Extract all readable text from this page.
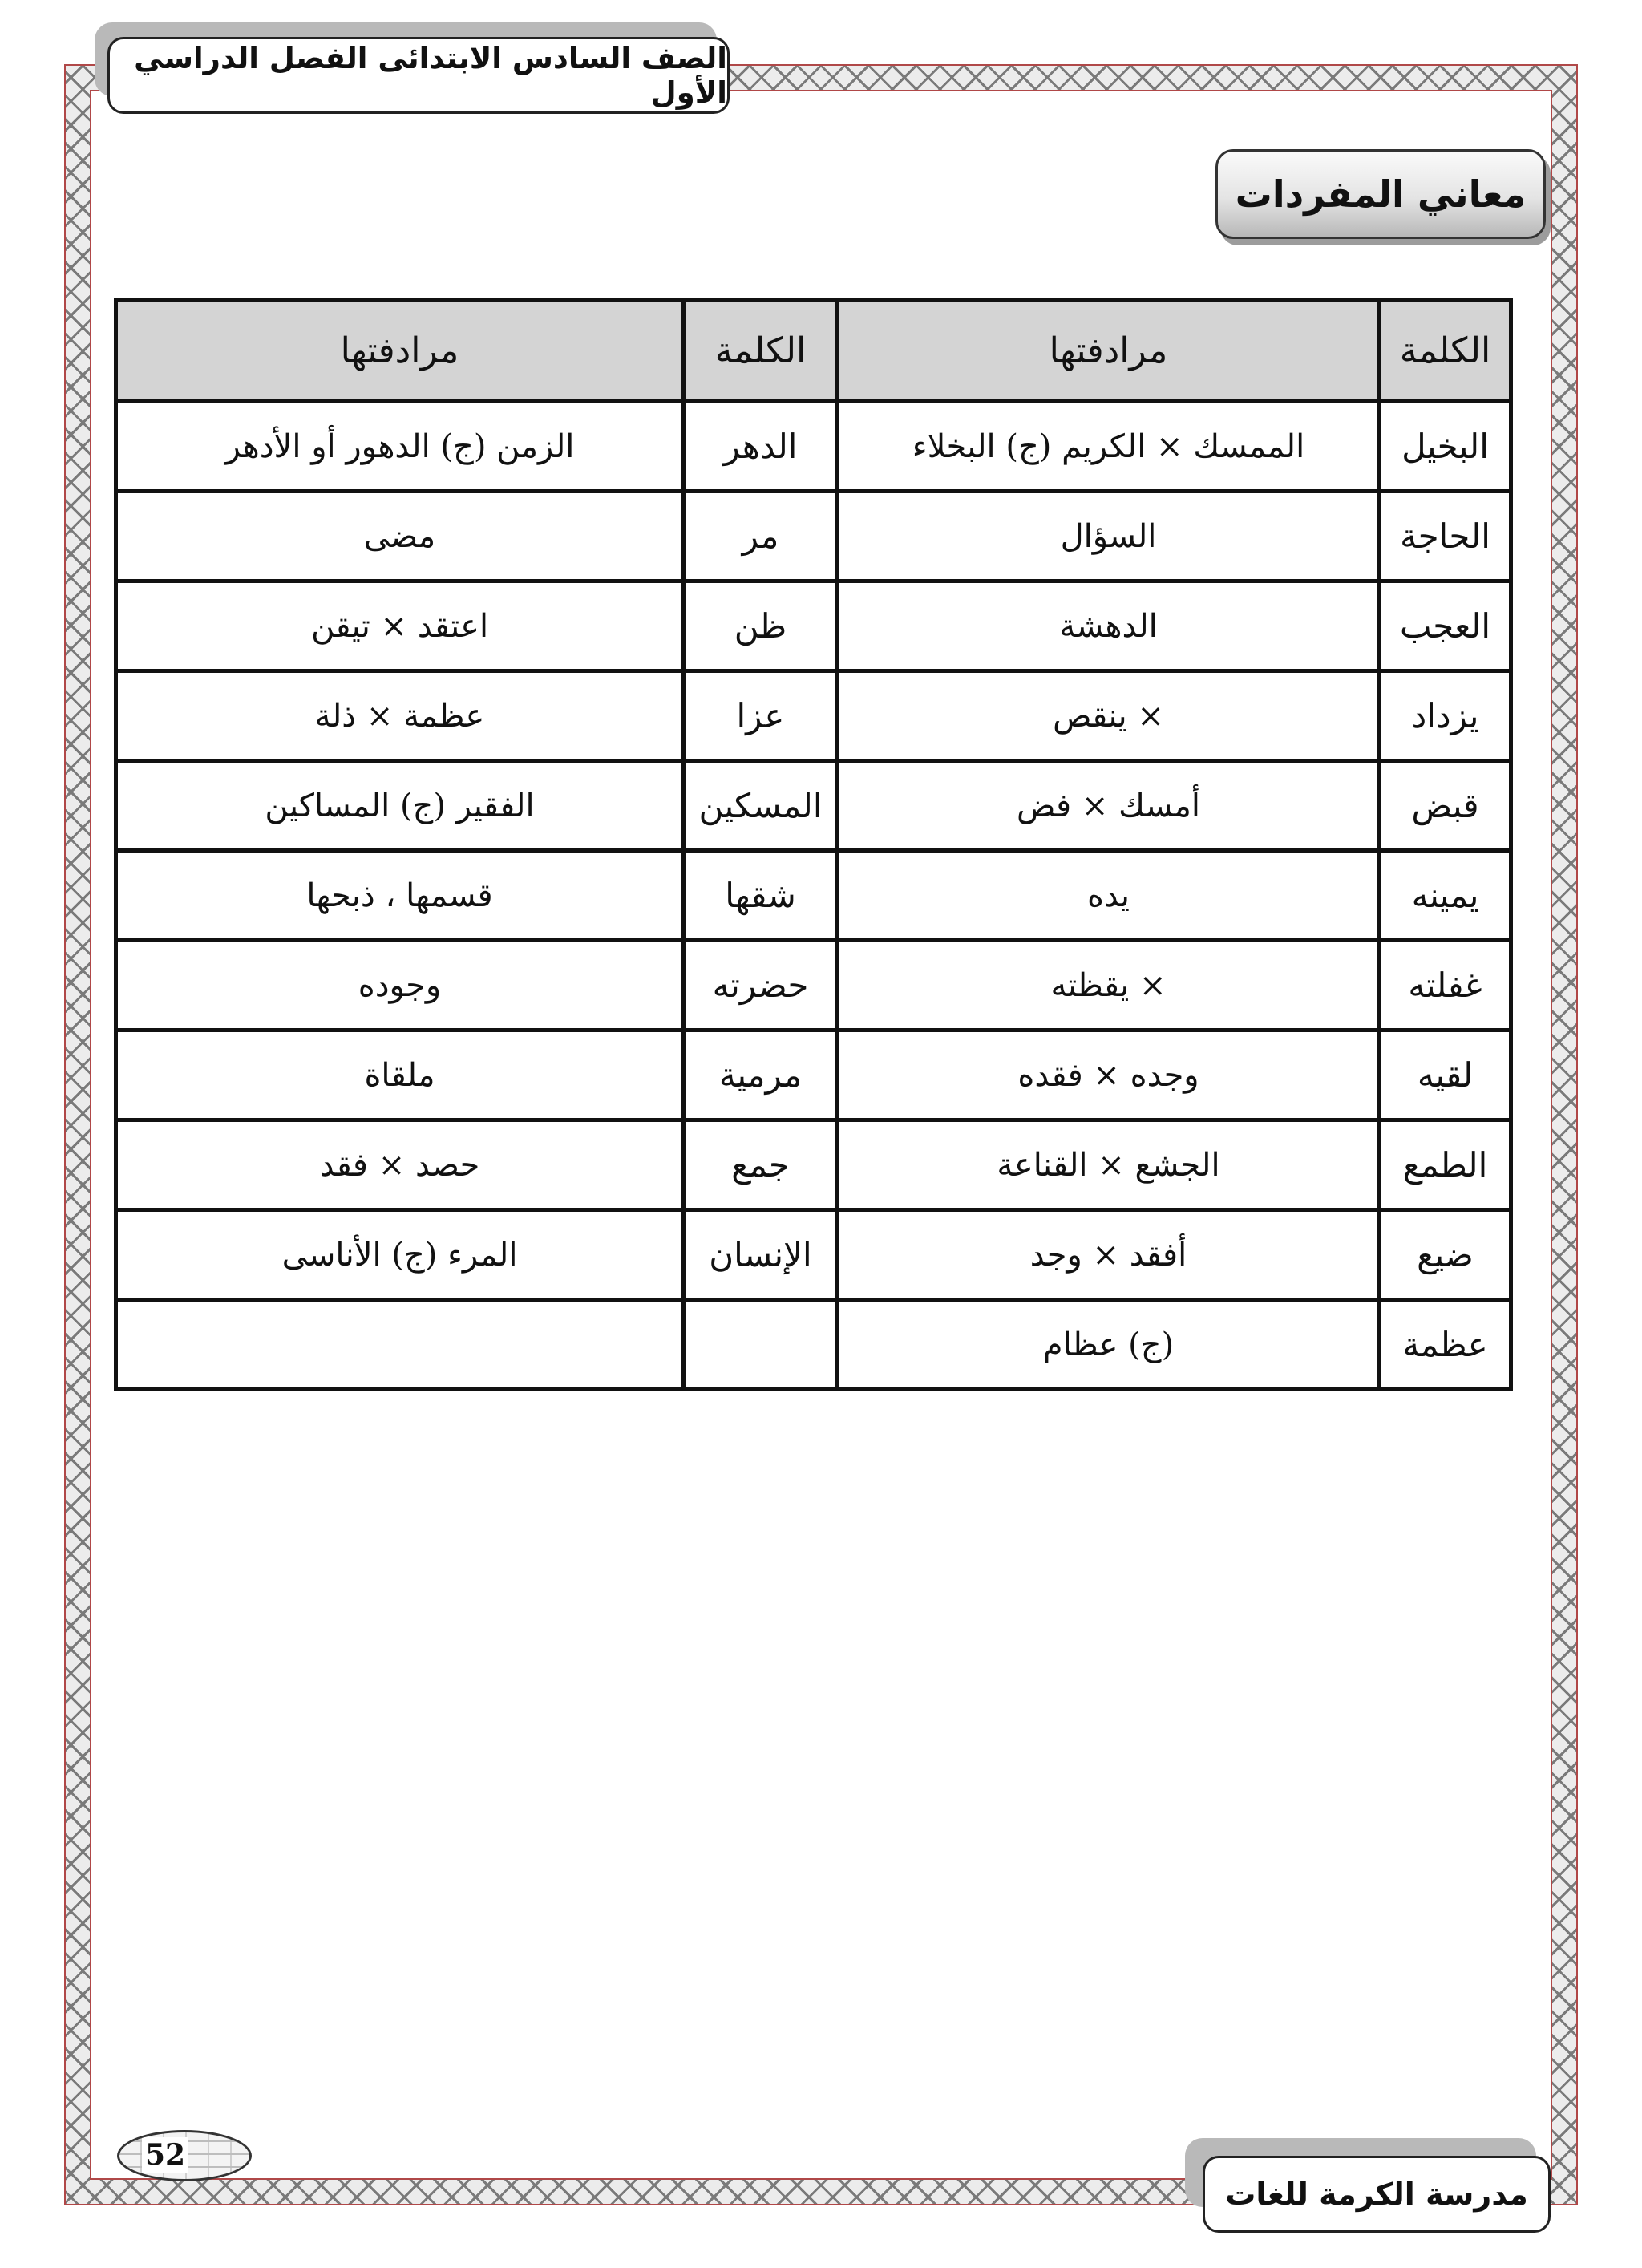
الصف السادس الابتدائى الفصل الدراسي الأول
معاني المفردات
الكلمة	مرادفتها	الكلمة	مرادفتها
البخيل	الممسك × الكريم (ج) البخلاء	الدهر	الزمن (ج) الدهور أو الأدهر
الحاجة	السؤال	مر	مضى
العجب	الدهشة	ظن	اعتقد × تيقن
يزداد	× ينقص	عزا	عظمة × ذلة
قبض	أمسك × فض	المسكين	الفقير (ج) المساكين
يمينه	يده	شقها	قسمها ، ذبحها
غفلته	× يقظته	حضرته	وجوده
لقيه	وجده × فقده	مرمية	ملقاة
الطمع	الجشع × القناعة	جمع	حصد × فقد
ضيع	أفقد × وجد	الإنسان	المرء (ج) الأناسى
عظمة	(ج) عظام		
52
مدرسة الكرمة للغات
